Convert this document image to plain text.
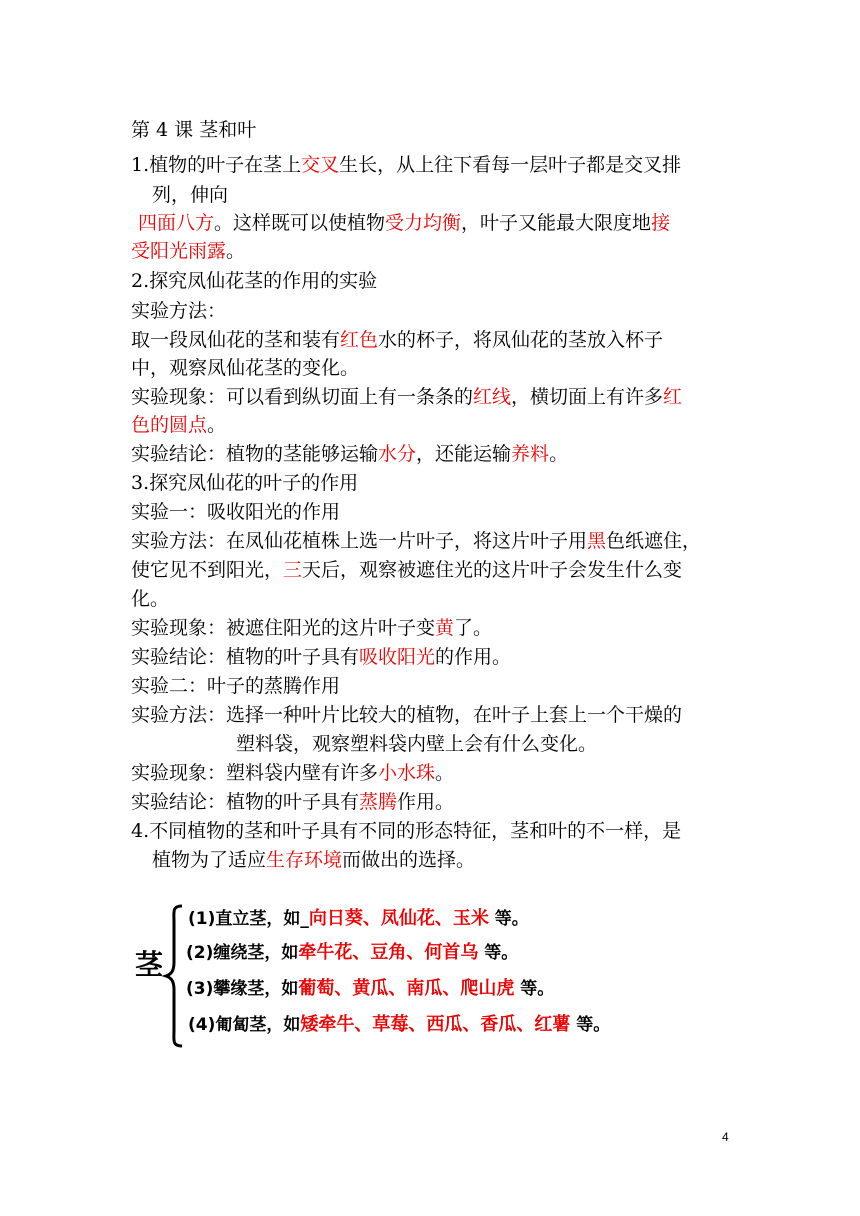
第 4 课 茎和叶
1.植物的叶子在茎上交叉生长，从上往下看每一层叶子都是交叉排
列，伸向
四面八方。这样既可以使植物受力均衡，叶子又能最大限度地接
受阳光雨露。
2.探究凤仙花茎的作用的实验
实验方法：
取一段凤仙花的茎和装有红色水的杯子，将凤仙花的茎放入杯子
中，观察凤仙花茎的变化。
实验现象：可以看到纵切面上有一条条的红线，横切面上有许多红
色的圆点。
实验结论：植物的茎能够运输水分，还能运输养料。
3.探究凤仙花的叶子的作用
实验一：吸收阳光的作用
实验方法：在凤仙花植株上选一片叶子，将这片叶子用黑色纸遮住，
使它见不到阳光，三天后，观察被遮住光的这片叶子会发生什么变
化。
实验现象：被遮住阳光的这片叶子变黄了。
实验结论：植物的叶子具有吸收阳光的作用。
实验二：叶子的蒸腾作用
实验方法：选择一种叶片比较大的植物，在叶子上套上一个干燥的
塑料袋，观察塑料袋内壁上会有什么变化。
实验现象：塑料袋内壁有许多小水珠。
实验结论：植物的叶子具有蒸腾作用。
4.不同植物的茎和叶子具有不同的形态特征，茎和叶的不一样，是
植物为了适应生存环境而做出的选择。
茎
(1)直立茎，如_向日葵、凤仙花、玉米 等。
(2)缠绕茎，如牵牛花、豆角、何首乌 等。
(3)攀缘茎，如葡萄、黄瓜、南瓜、爬山虎 等。
(4)匍匐茎，如矮牵牛、草莓、西瓜、香瓜、红薯 等。
4
